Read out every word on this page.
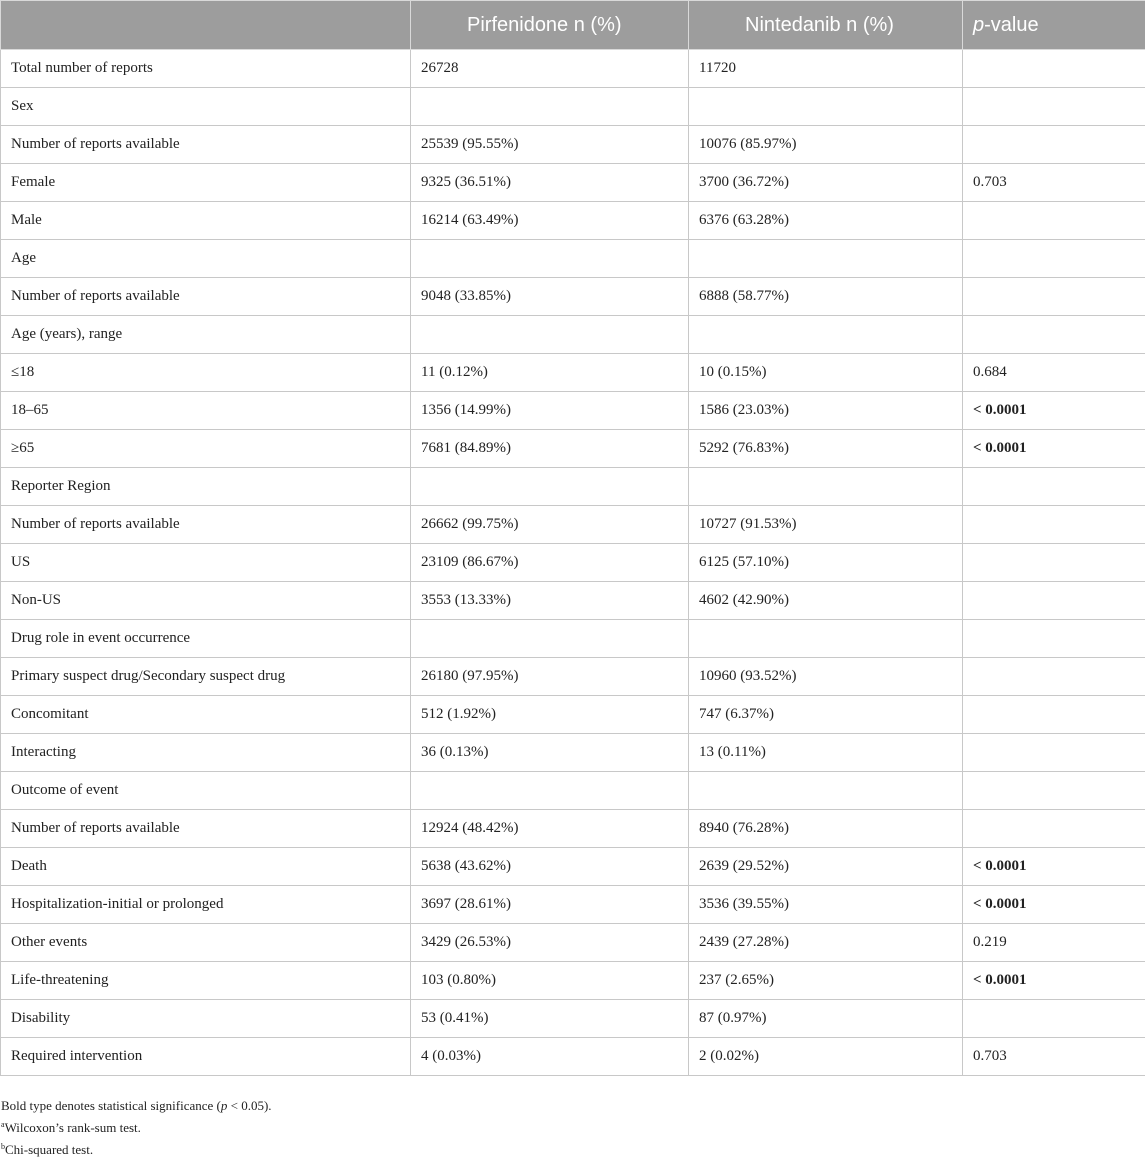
	Pirfenidone n (%)	Nintedanib n (%)	p-value
Total number of reports	26728	11720	
Sex			
Number of reports available	25539 (95.55%)	10076 (85.97%)	
Female	9325 (36.51%)	3700 (36.72%)	0.703
Male	16214 (63.49%)	6376 (63.28%)	
Age			
Number of reports available	9048 (33.85%)	6888 (58.77%)	
Age (years), range			
≤18	11 (0.12%)	10 (0.15%)	0.684
18–65	1356 (14.99%)	1586 (23.03%)	< 0.0001
≥65	7681 (84.89%)	5292 (76.83%)	< 0.0001
Reporter Region			
Number of reports available	26662 (99.75%)	10727 (91.53%)	
US	23109 (86.67%)	6125 (57.10%)	
Non-US	3553 (13.33%)	4602 (42.90%)	
Drug role in event occurrence			
Primary suspect drug/Secondary suspect drug	26180 (97.95%)	10960 (93.52%)	
Concomitant	512 (1.92%)	747 (6.37%)	
Interacting	36 (0.13%)	13 (0.11%)	
Outcome of event			
Number of reports available	12924 (48.42%)	8940 (76.28%)	
Death	5638 (43.62%)	2639 (29.52%)	< 0.0001
Hospitalization-initial or prolonged	3697 (28.61%)	3536 (39.55%)	< 0.0001
Other events	3429 (26.53%)	2439 (27.28%)	0.219
Life-threatening	103 (0.80%)	237 (2.65%)	< 0.0001
Disability	53 (0.41%)	87 (0.97%)	
Required intervention	4 (0.03%)	2 (0.02%)	0.703
Bold type denotes statistical significance (p < 0.05).
$^a$Wilcoxon’s rank-sum test.
$^b$Chi-squared test.
